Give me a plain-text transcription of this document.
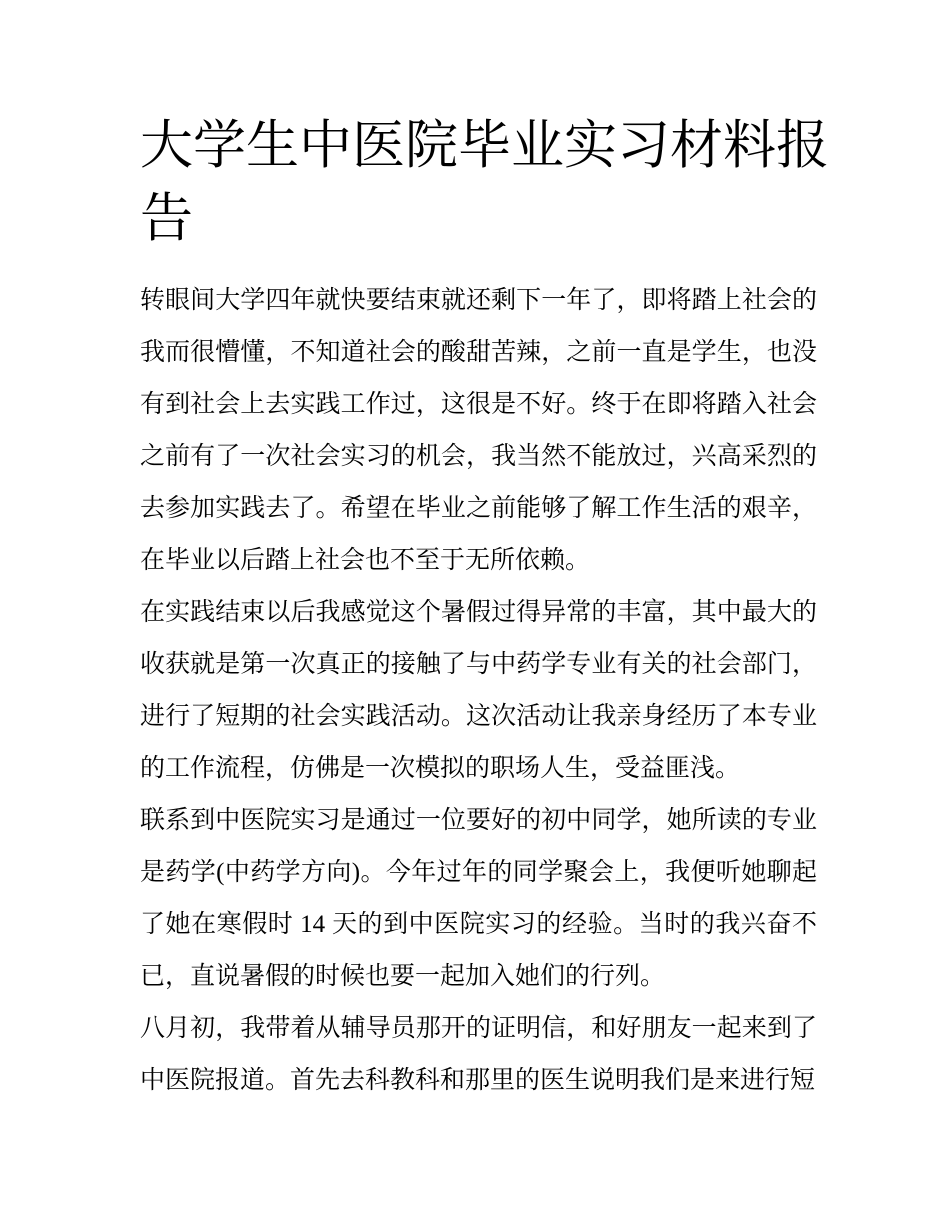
大学生中医院毕业实习材料报
告
转眼间大学四年就快要结束就还剩下一年了，即将踏上社会的
我而很懵懂，不知道社会的酸甜苦辣，之前一直是学生，也没
有到社会上去实践工作过，这很是不好。终于在即将踏入社会
之前有了一次社会实习的机会，我当然不能放过，兴高采烈的
去参加实践去了。希望在毕业之前能够了解工作生活的艰辛，
在毕业以后踏上社会也不至于无所依赖。
在实践结束以后我感觉这个暑假过得异常的丰富，其中最大的
收获就是第一次真正的接触了与中药学专业有关的社会部门，
进行了短期的社会实践活动。这次活动让我亲身经历了本专业
的工作流程，仿佛是一次模拟的职场人生，受益匪浅。
联系到中医院实习是通过一位要好的初中同学，她所读的专业
是药学(中药学方向)。今年过年的同学聚会上，我便听她聊起
了她在寒假时 14 天的到中医院实习的经验。当时的我兴奋不
已，直说暑假的时候也要一起加入她们的行列。
八月初，我带着从辅导员那开的证明信，和好朋友一起来到了
中医院报道。首先去科教科和那里的医生说明我们是来进行短
